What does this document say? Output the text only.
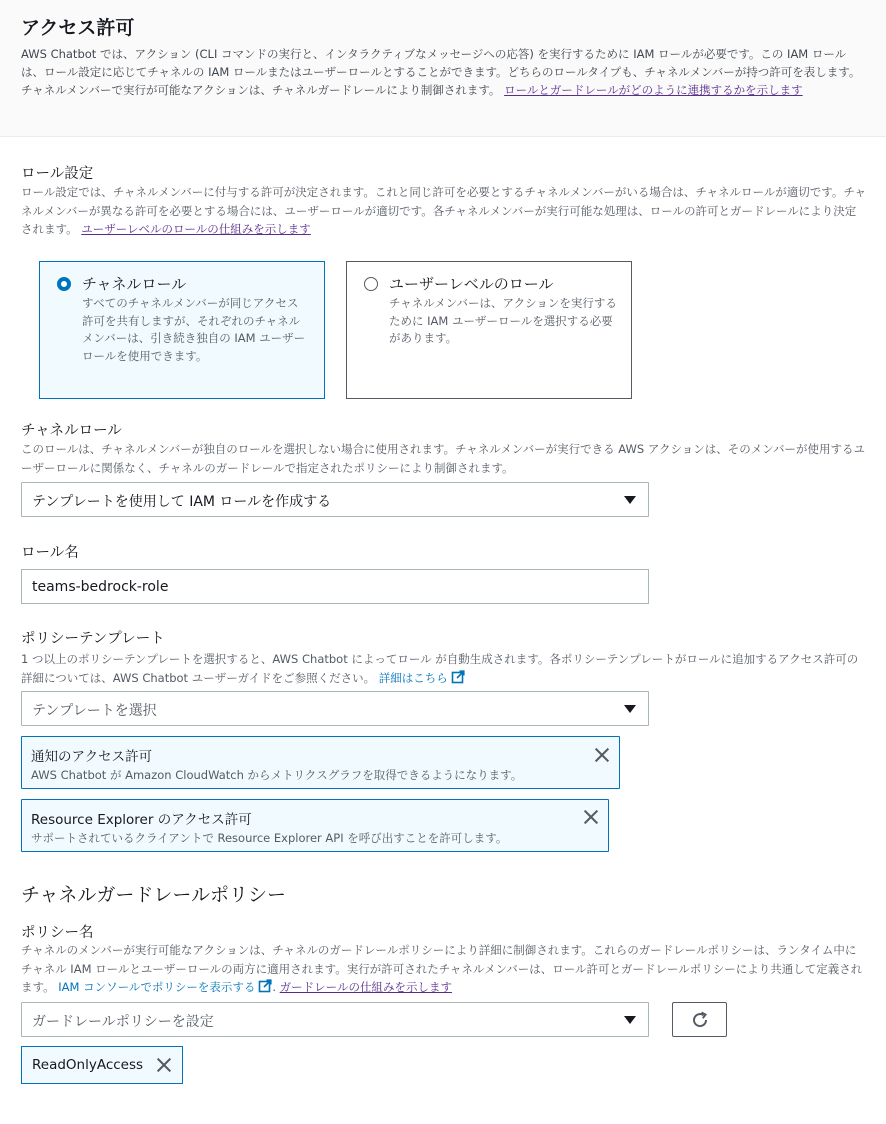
アクセス許可
AWS Chatbot では、アクション (CLI コマンドの実行と、インタラクティブなメッセージへの応答) を実行するために IAM ロールが必要です。この IAM ロールは、ロール設定に応じてチャネルの IAM ロールまたはユーザーロールとすることができます。どちらのロールタイプも、チャネルメンバーが持つ許可を表します。チャネルメンバーで実行が可能なアクションは、チャネルガードレールにより制御されます。 ロールとガードレールがどのように連携するかを示します
ロール設定
ロール設定では、チャネルメンバーに付与する許可が決定されます。これと同じ許可を必要とするチャネルメンバーがいる場合は、チャネルロールが適切です。チャネルメンバーが異なる許可を必要とする場合には、ユーザーロールが適切です。各チャネルメンバーが実行可能な処理は、ロールの許可とガードレールにより決定されます。 ユーザーレベルのロールの仕組みを示します
チャネルロール
すべてのチャネルメンバーが同じアクセス許可を共有しますが、それぞれのチャネルメンバーは、引き続き独自の IAM ユーザーロールを使用できます。
ユーザーレベルのロール
チャネルメンバーは、アクションを実行するために IAM ユーザーロールを選択する必要があります。
チャネルロール
このロールは、チャネルメンバーが独自のロールを選択しない場合に使用されます。チャネルメンバーが実行できる AWS アクションは、そのメンバーが使用するユーザーロールに関係なく、チャネルのガードレールで指定されたポリシーにより制御されます。
テンプレートを使用して IAM ロールを作成する
ロール名
teams-bedrock-role
ポリシーテンプレート
1 つ以上のポリシーテンプレートを選択すると、AWS Chatbot によってロール が自動生成されます。各ポリシーテンプレートがロールに追加するアクセス許可の詳細については、AWS Chatbot ユーザーガイドをご参照ください。 詳細はこちら
テンプレートを選択
通知のアクセス許可
AWS Chatbot が Amazon CloudWatch からメトリクスグラフを取得できるようになります。
Resource Explorer のアクセス許可
サポートされているクライアントで Resource Explorer API を呼び出すことを許可します。
チャネルガードレールポリシー
ポリシー名
チャネルのメンバーが実行可能なアクションは、チャネルのガードレールポリシーにより詳細に制御されます。これらのガードレールポリシーは、ランタイム中にチャネル IAM ロールとユーザーロールの両方に適用されます。実行が許可されたチャネルメンバーは、ロール許可とガードレールポリシーにより共通して定義されます。 IAM コンソールでポリシーを表示する . ガードレールの仕組みを示します
ガードレールポリシーを設定
ReadOnlyAccess
